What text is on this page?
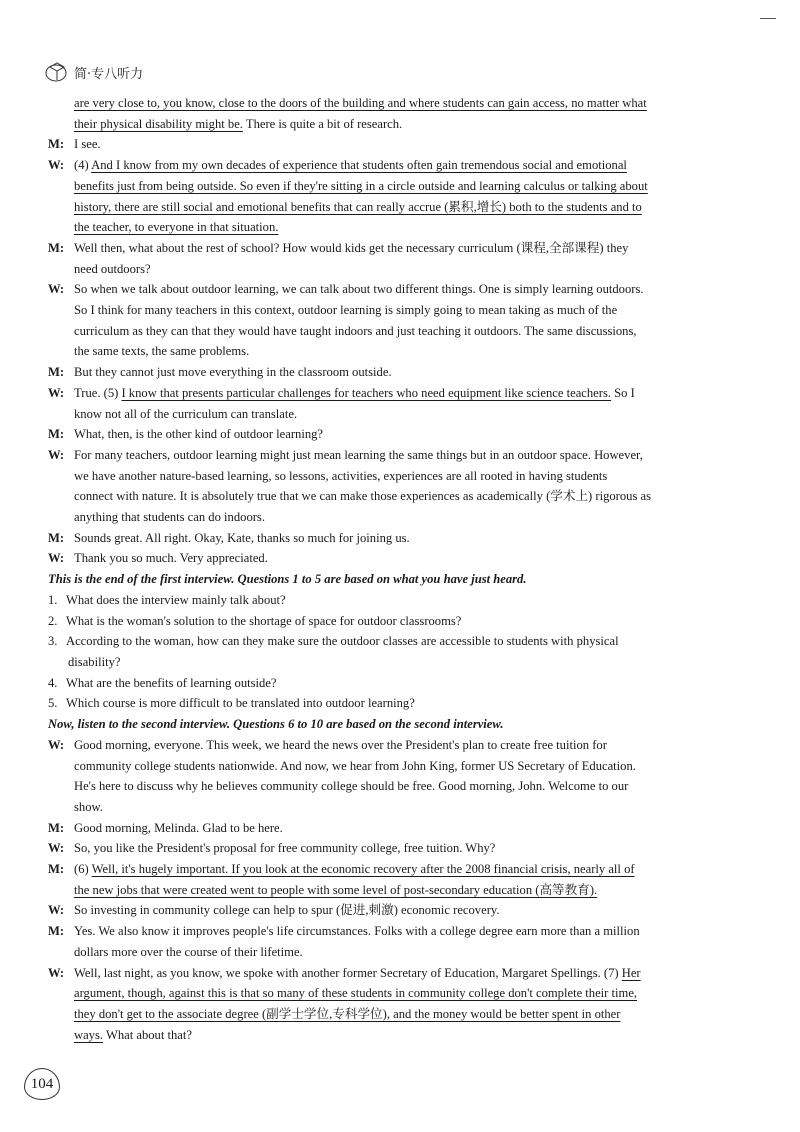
简·专八听力
are very close to, you know, close to the doors of the building and where students can gain access, no matter what
their physical disability might be. There is quite a bit of research.
M: I see.
W: (4) And I know from my own decades of experience that students often gain tremendous social and emotional
benefits just from being outside. So even if they're sitting in a circle outside and learning calculus or talking about
history, there are still social and emotional benefits that can really accrue (累积,增长) both to the students and to
the teacher, to everyone in that situation.
M: Well then, what about the rest of school? How would kids get the necessary curriculum (课程,全部课程) they
need outdoors?
W: So when we talk about outdoor learning, we can talk about two different things. One is simply learning outdoors.
So I think for many teachers in this context, outdoor learning is simply going to mean taking as much of the
curriculum as they can that they would have taught indoors and just teaching it outdoors. The same discussions,
the same texts, the same problems.
M: But they cannot just move everything in the classroom outside.
W: True. (5) I know that presents particular challenges for teachers who need equipment like science teachers. So I
know not all of the curriculum can translate.
M: What, then, is the other kind of outdoor learning?
W: For many teachers, outdoor learning might just mean learning the same things but in an outdoor space. However,
we have another nature-based learning, so lessons, activities, experiences are all rooted in having students
connect with nature. It is absolutely true that we can make those experiences as academically (学术上) rigorous as
anything that students can do indoors.
M: Sounds great. All right. Okay, Kate, thanks so much for joining us.
W: Thank you so much. Very appreciated.
This is the end of the first interview. Questions 1 to 5 are based on what you have just heard.
1. What does the interview mainly talk about?
2. What is the woman's solution to the shortage of space for outdoor classrooms?
3. According to the woman, how can they make sure the outdoor classes are accessible to students with physical
disability?
4. What are the benefits of learning outside?
5. Which course is more difficult to be translated into outdoor learning?
Now, listen to the second interview. Questions 6 to 10 are based on the second interview.
W: Good morning, everyone. This week, we heard the news over the President's plan to create free tuition for
community college students nationwide. And now, we hear from John King, former US Secretary of Education.
He's here to discuss why he believes community college should be free. Good morning, John. Welcome to our
show.
M: Good morning, Melinda. Glad to be here.
W: So, you like the President's proposal for free community college, free tuition. Why?
M: (6) Well, it's hugely important. If you look at the economic recovery after the 2008 financial crisis, nearly all of
the new jobs that were created went to people with some level of post-secondary education (高等教育).
W: So investing in community college can help to spur (促进,刺激) economic recovery.
M: Yes. We also know it improves people's life circumstances. Folks with a college degree earn more than a million
dollars more over the course of their lifetime.
W: Well, last night, as you know, we spoke with another former Secretary of Education, Margaret Spellings. (7) Her
argument, though, against this is that so many of these students in community college don't complete their time,
they don't get to the associate degree (副学士学位,专科学位), and the money would be better spent in other
ways. What about that?
104
